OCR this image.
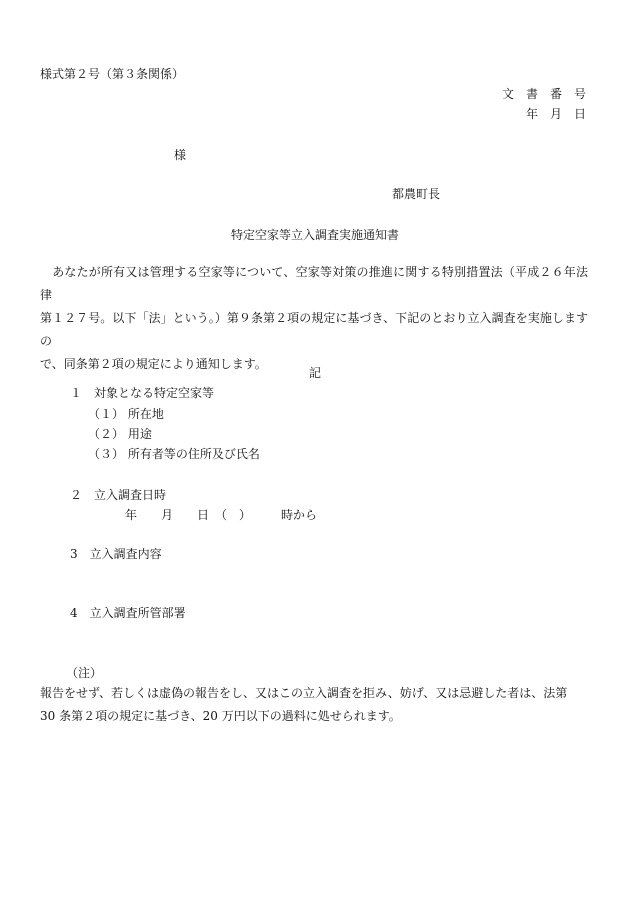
様式第２号（第３条関係）
文　書　番　号
年　月　日
様
都農町長
特定空家等立入調査実施通知書
　あなたが所有又は管理する空家等について、空家等対策の推進に関する特別措置法（平成２６年法律
第１２７号。以下「法」という。）第９条第２項の規定に基づき、下記のとおり立入調査を実施しますの
で、同条第２項の規定により通知します。
記
１　対象となる特定空家等
（１） 所在地
（２） 用途
（３） 所有者等の住所及び氏名
２　立入調査日時
年　　月　　日　（　）　　　時から
3　立入調査内容
4　立入調査所管部署
（注）
報告をせず、若しくは虚偽の報告をし、又はこの立入調査を拒み、妨げ、又は忌避した者は、法第
30 条第２項の規定に基づき、20 万円以下の過料に処せられます。
